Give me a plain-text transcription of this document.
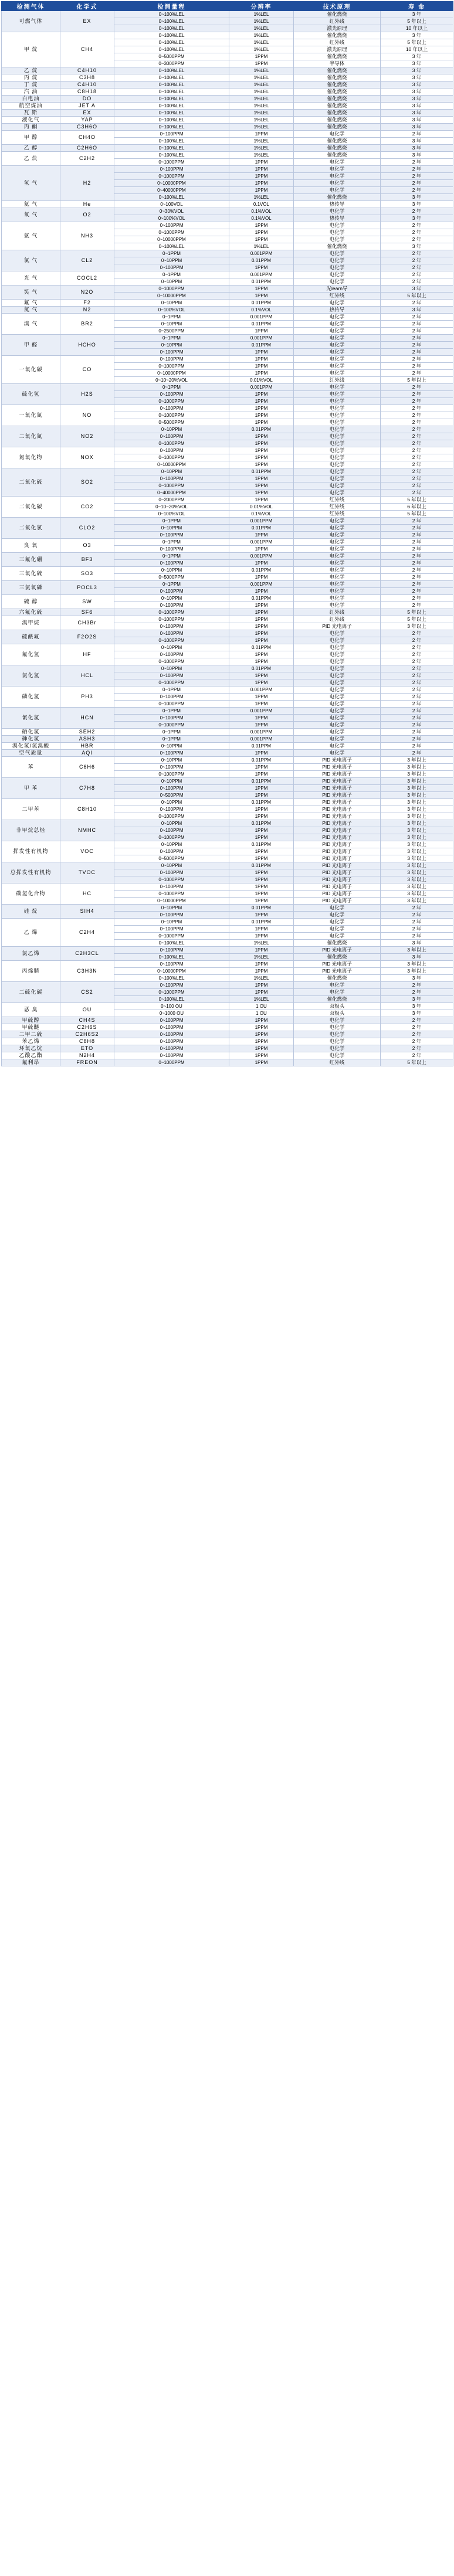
检测气体	化学式	检测量程	分辨率	技术原理	寿 命
可燃气体	EX	0~100%LEL	1%LEL	催化燃烧	3 年
		0~100%LEL	1%LEL	红外线	5 年以上
		0~100%LEL	1%LEL	激光原理	10 年以上
甲 烷	CH4	0~100%LEL	1%LEL	催化燃烧	3 年
		0~100%LEL	1%LEL	红外线	5 年以上
		0~100%LEL	1%LEL	激光原理	10 年以上
		0~5000PPM	1PPM	催化燃烧	3 年
		0~3000PPM	1PPM	半导体	3 年
乙 烷	C4H10	0~100%LEL	1%LEL	催化燃烧	3 年
丙 烷	C3H8	0~100%LEL	1%LEL	催化燃烧	3 年
丁 烷	C4H10	0~100%LEL	1%LEL	催化燃烧	3 年
汽 油	C8H18	0~100%LEL	1%LEL	催化燃烧	3 年
白电油	DO	0~100%LEL	1%LEL	催化燃烧	3 年
航空煤油	JET A	0~100%LEL	1%LEL	催化燃烧	3 年
瓦 斯	EX	0~100%LEL	1%LEL	催化燃烧	3 年
液化气	YAP	0~100%LEL	1%LEL	催化燃烧	3 年
丙 酮	C3H6O	0~100%LEL	1%LEL	催化燃烧	3 年
甲 醇	CH4O	0~100PPM	1PPM	电化学	2 年
		0~100%LEL	1%LEL	催化燃烧	3 年
乙 醇	C2H6O	0~100%LEL	1%LEL	催化燃烧	3 年
乙 炔	C2H2	0~100%LEL	1%LEL	催化燃烧	3 年
		0~1000PPM	1PPM	电化学	2 年
氢 气	H2	0~100PPM	1PPM	电化学	2 年
		0~1000PPM	1PPM	电化学	2 年
		0~10000PPM	1PPM	电化学	2 年
		0~40000PPM	1PPM	电化学	2 年
		0~100%LEL	1%LEL	催化燃烧	3 年
氦 气	He	0~100VOL	0.1VOL	热传导	3 年
氧 气	O2	0~30%VOL	0.1%VOL	电化学	2 年
		0~100%VOL	0.1%VOL	热传导	3 年
氨 气	NH3	0~100PPM	1PPM	电化学	2 年
		0~1000PPM	1PPM	电化学	2 年
		0~10000PPM	1PPM	电化学	2 年
		0~100%LEL	1%LEL	催化燃烧	3 年
氯 气	CL2	0~1PPM	0.001PPM	电化学	2 年
		0~10PPM	0.01PPM	电化学	2 年
		0~100PPM	1PPM	电化学	2 年
光 气	COCL2	0~1PPM	0.001PPM	电化学	2 年
		0~10PPM	0.01PPM	电化学	2 年
笑 气	N2O	0~1000PPM	1PPM	光learn导	3 年
		0~10000PPM	1PPM	红外线	5 年以上
氟 气	F2	0~10PPM	0.01PPM	电化学	2 年
氮 气	N2	0~100%VOL	0.1%VOL	热传导	3 年
溴 气	BR2	0~1PPM	0.001PPM	电化学	2 年
		0~10PPM	0.01PPM	电化学	2 年
		0~2500PPM	1PPM	电化学	2 年
甲 醛	HCHO	0~1PPM	0.001PPM	电化学	2 年
		0~10PPM	0.01PPM	电化学	2 年
		0~100PPM	1PPM	电化学	2 年
一氧化碳	CO	0~100PPM	1PPM	电化学	2 年
		0~1000PPM	1PPM	电化学	2 年
		0~10000PPM	1PPM	电化学	2 年
		0~10~20%VOL	0.01%VOL	红外线	5 年以上
硫化氢	H2S	0~1PPM	0.001PPM	电化学	2 年
		0~100PPM	1PPM	电化学	2 年
		0~1000PPM	1PPM	电化学	2 年
一氧化氮	NO	0~100PPM	1PPM	电化学	2 年
		0~1000PPM	1PPM	电化学	2 年
		0~5000PPM	1PPM	电化学	2 年
二氧化氮	NO2	0~10PPM	0.01PPM	电化学	2 年
		0~100PPM	1PPM	电化学	2 年
		0~1000PPM	1PPM	电化学	2 年
氮氧化物	NOX	0~100PPM	1PPM	电化学	2 年
		0~1000PPM	1PPM	电化学	2 年
		0~10000PPM	1PPM	电化学	2 年
二氧化硫	SO2	0~10PPM	0.01PPM	电化学	2 年
		0~100PPM	1PPM	电化学	2 年
		0~1000PPM	1PPM	电化学	2 年
		0~40000PPM	1PPM	电化学	2 年
二氧化碳	CO2	0~2000PPM	1PPM	红外线	5 年以上
		0~10~20%VOL	0.01%VOL	红外线	6 年以上
		0~100%VOL	0.1%VOL	红外线	5 年以上
二氧化氯	CLO2	0~1PPM	0.001PPM	电化学	2 年
		0~10PPM	0.01PPM	电化学	2 年
		0~100PPM	1PPM	电化学	2 年
臭 氧	O3	0~1PPM	0.001PPM	电化学	2 年
		0~100PPM	1PPM	电化学	2 年
三氟化硼	BF3	0~1PPM	0.001PPM	电化学	2 年
		0~100PPM	1PPM	电化学	2 年
三氧化硫	SO3	0~10PPM	0.01PPM	电化学	2 年
		0~5000PPM	1PPM	电化学	2 年
三氯氧磷	POCL3	0~1PPM	0.001PPM	电化学	2 年
		0~100PPM	1PPM	电化学	2 年
硫 醇	SW	0~10PPM	0.01PPM	电化学	2 年
		0~100PPM	1PPM	电化学	2 年
六氟化硫	SF6	0~1000PPM	1PPM	红外线	5 年以上
溴甲烷	CH3Br	0~1000PPM	1PPM	红外线	5 年以上
		0~100PPM	1PPM	PID 光电离子	3 年以上
硫酰氟	F2O2S	0~100PPM	1PPM	电化学	2 年
		0~1000PPM	1PPM	电化学	2 年
氟化氢	HF	0~10PPM	0.01PPM	电化学	2 年
		0~100PPM	1PPM	电化学	2 年
		0~1000PPM	1PPM	电化学	2 年
氯化氢	HCL	0~10PPM	0.01PPM	电化学	2 年
		0~100PPM	1PPM	电化学	2 年
		0~1000PPM	1PPM	电化学	2 年
磷化氢	PH3	0~1PPM	0.001PPM	电化学	2 年
		0~100PPM	1PPM	电化学	2 年
		0~1000PPM	1PPM	电化学	2 年
氰化氢	HCN	0~1PPM	0.001PPM	电化学	2 年
		0~100PPM	1PPM	电化学	2 年
		0~1000PPM	1PPM	电化学	2 年
硒化氢	SEH2	0~1PPM	0.001PPM	电化学	2 年
砷化氢	ASH3	0~1PPM	0.001PPM	电化学	2 年
溴化氢/氢溴酸	HBR	0~10PPM	0.01PPM	电化学	2 年
空气质量	AQI	0~100PPM	1PPM	电化学	2 年
苯	C6H6	0~10PPM	0.01PPM	PID 光电离子	3 年以上
		0~100PPM	1PPM	PID 光电离子	3 年以上
		0~1000PPM	1PPM	PID 光电离子	3 年以上
甲 苯	C7H8	0~10PPM	0.01PPM	PID 光电离子	3 年以上
		0~100PPM	1PPM	PID 光电离子	3 年以上
		0~500PPM	1PPM	PID 光电离子	3 年以上
二甲苯	C8H10	0~10PPM	0.01PPM	PID 光电离子	3 年以上
		0~100PPM	1PPM	PID 光电离子	3 年以上
		0~1000PPM	1PPM	PID 光电离子	3 年以上
非甲烷总烃	NMHC	0~10PPM	0.01PPM	PID 光电离子	3 年以上
		0~100PPM	1PPM	PID 光电离子	3 年以上
		0~1000PPM	1PPM	PID 光电离子	3 年以上
挥发性有机物	VOC	0~10PPM	0.01PPM	PID 光电离子	3 年以上
		0~100PPM	1PPM	PID 光电离子	3 年以上
		0~5000PPM	1PPM	PID 光电离子	3 年以上
总挥发性有机物	TVOC	0~10PPM	0.01PPM	PID 光电离子	3 年以上
		0~100PPM	1PPM	PID 光电离子	3 年以上
		0~1000PPM	1PPM	PID 光电离子	3 年以上
碳氢化合物	HC	0~100PPM	1PPM	PID 光电离子	3 年以上
		0~1000PPM	1PPM	PID 光电离子	3 年以上
		0~10000PPM	1PPM	PID 光电离子	3 年以上
硅 烷	SIH4	0~10PPM	0.01PPM	电化学	2 年
		0~100PPM	1PPM	电化学	2 年
乙 烯	C2H4	0~10PPM	0.01PPM	电化学	2 年
		0~100PPM	1PPM	电化学	2 年
		0~1000PPM	1PPM	电化学	2 年
		0~100%LEL	1%LEL	催化燃烧	3 年
氯乙烯	C2H3CL	0~100PPM	1PPM	PID 光电离子	3 年以上
		0~100%LEL	1%LEL	催化燃烧	3 年
丙烯腈	C3H3N	0~100PPM	1PPM	PID 光电离子	3 年以上
		0~10000PPM	1PPM	PID 光电离子	3 年以上
		0~100%LEL	1%LEL	催化燃烧	3 年
二硫化碳	CS2	0~100PPM	1PPM	电化学	2 年
		0~1000PPM	1PPM	电化学	2 年
		0~100%LEL	1%LEL	催化燃烧	3 年
恶 臭	OU	0~100 OU	1 OU	双极头	3 年
		0~1000 OU	1 OU	双极头	3 年
甲硫醇	CH4S	0~100PPM	1PPM	电化学	2 年
甲硫醚	C2H6S	0~100PPM	1PPM	电化学	2 年
二甲二硫	C2H6S2	0~100PPM	1PPM	电化学	2 年
苯乙烯	C8H8	0~100PPM	1PPM	电化学	2 年
环氧乙烷	ETO	0~100PPM	1PPM	电化学	2 年
乙酸乙酯	N2H4	0~100PPM	1PPM	电化学	2 年
氟利昂	FREON	0~1000PPM	1PPM	红外线	5 年以上
